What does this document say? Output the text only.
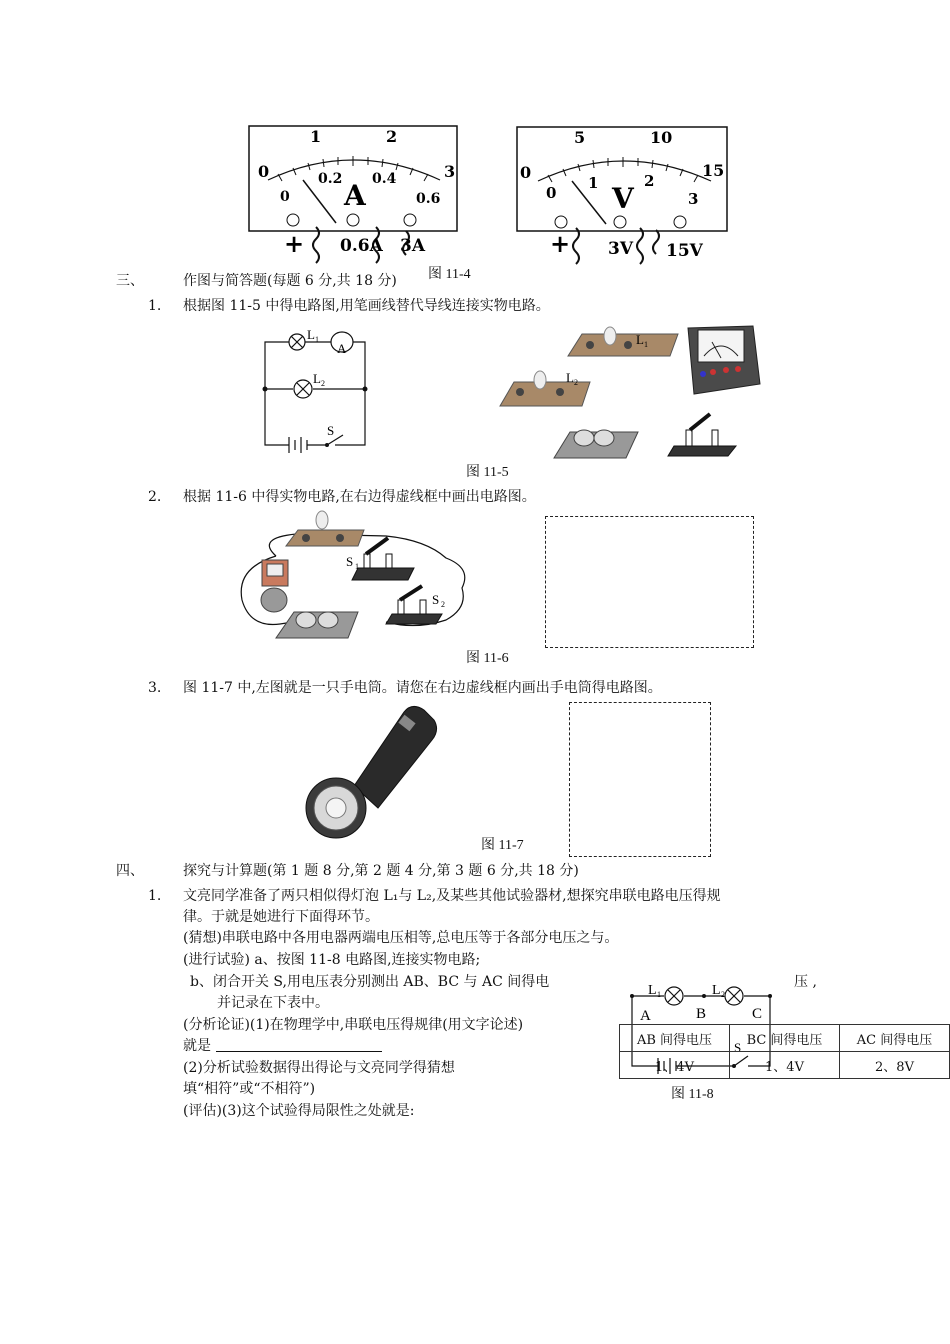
0
1	2
3
0
0.2 0.4
0.6
A
+ 0.6A 3A
0
5	10
15
0
1	2
3
V
+ 3V 15V
图 11-4
三、	作图与简答题(每题 6 分,共 18 分)
1. 根据图 11-5 中得电路图,用笔画线替代导线连接实物电路。
L 1
A
L 2
S
L 1
L 2
图 11-5
2. 根据 11-6 中得实物电路,在右边得虚线框中画出电路图。
S 1
S 2
图 11-6
3. 图 11-7 中,左图就是一只手电筒。请您在右边虚线框内画出手电筒得电路图。
图 11-7
四、	探究与计算题(第 1 题 8 分,第 2 题 4 分,第 3 题 6 分,共 18 分)
1. 文亮同学准备了两只相似得灯泡 L₁与 L₂,及某些其他试验器材,想探究串联电路电压得规
律。于就是她进行下面得环节。
(猜想)串联电路中各用电器两端电压相等,总电压等于各部分电压之与。
(进行试验) a、按图 11-8 电路图,连接实物电路;
b、闭合开关 S,用电压表分别测出 AB、BC 与 AC 间得电	压 ,
并记录在下表中。
(分析论证)(1)在物理学中,串联电压得规律(用文字论述)
就是
(2)分析试验数据得出得论与文亮同学得猜想
填“相符”或“不相符”)
(评估)(3)这个试验得局限性之处就是:
L 1	L 2
A	B	C
S
AB 间得电压	BC 间得电压	AC 间得电压
1、4V	1、4V	2、8V
图 11-8
